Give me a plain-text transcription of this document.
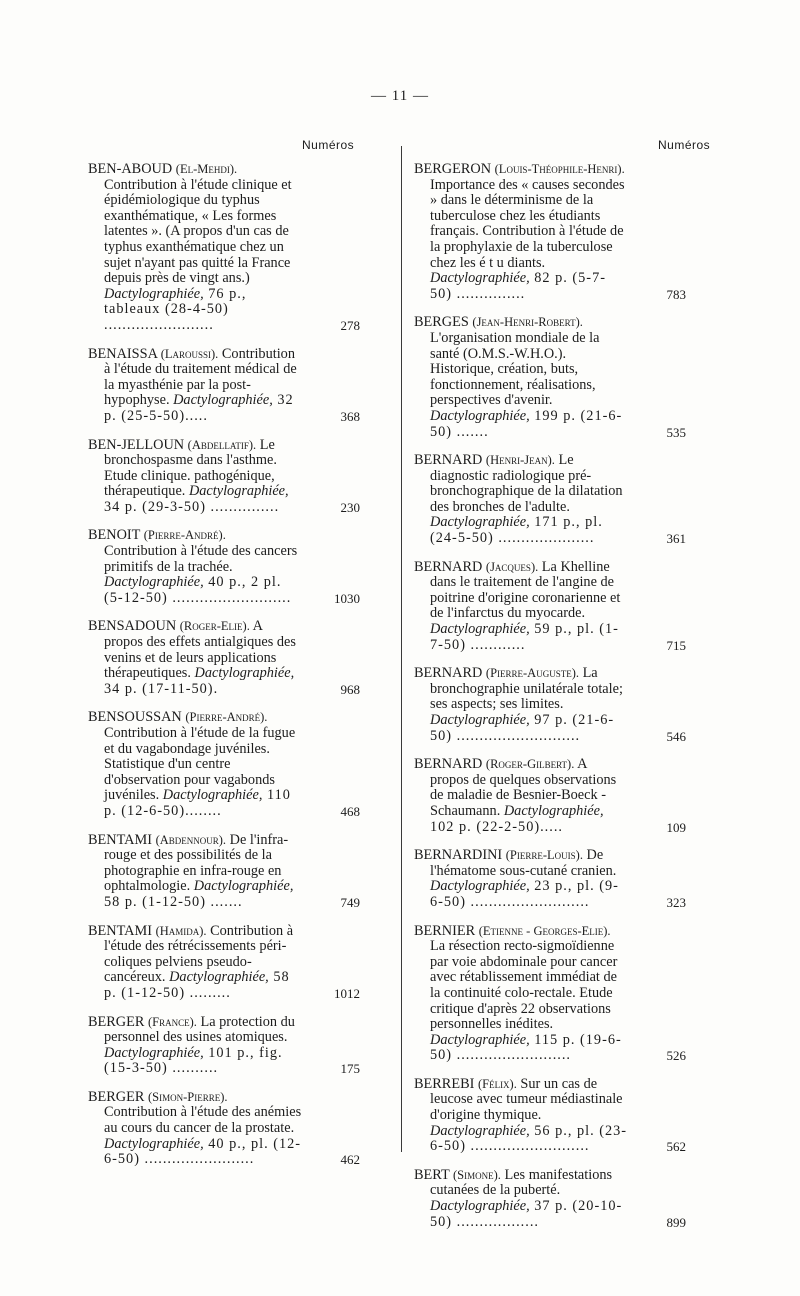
— 11 —
Numéros	Numéros
BEN-ABOUD (El-Mehdi). Contribution à l'étude clinique et épidémiologique du typhus exanthématique, « Les formes latentes ». (A propos d'un cas de typhus exanthématique chez un sujet n'ayant pas quitté la France depuis près de vingt ans.) Dactylographiée, 76 p., tableaux (28-4-50) ........................	278
BENAISSA (Laroussi). Contribution à l'étude du traitement médical de la myasthénie par la post-hypophyse. Dactylographiée, 32 p. (25-5-50).....	368
BEN-JELLOUN (Abdellatif). Le bronchospasme dans l'asthme. Etude clinique. pathogénique, thérapeutique. Dactylographiée, 34 p. (29-3-50) ...............	230
BENOIT (Pierre-André). Contribution à l'étude des cancers primitifs de la trachée. Dactylographiée, 40 p., 2 pl. (5-12-50) ..........................	1030
BENSADOUN (Roger-Elie). A propos des effets antialgiques des venins et de leurs applications thérapeutiques. Dactylographiée, 34 p. (17-11-50).	968
BENSOUSSAN (Pierre-André). Contribution à l'étude de la fugue et du vagabondage juvéniles. Statistique d'un centre d'observation pour vagabonds juvéniles. Dactylographiée, 110 p. (12-6-50)........	468
BENTAMI (Abdennour). De l'infra-rouge et des possibilités de la photographie en infra-rouge en ophtalmologie. Dactylographiée, 58 p. (1-12-50) .......	749
BENTAMI (Hamida). Contribution à l'étude des rétrécissements péri-coliques pelviens pseudo-cancéreux. Dactylographiée, 58 p. (1-12-50) .........	1012
BERGER (France). La protection du personnel des usines atomiques. Dactylographiée, 101 p., fig. (15-3-50) ..........	175
BERGER (Simon-Pierre). Contribution à l'étude des anémies au cours du cancer de la prostate. Dactylographiée, 40 p., pl. (12-6-50) ........................	462
BERGERON (Louis-Théophile-Henri). Importance des « causes secondes » dans le déterminisme de la tuberculose chez les étudiants français. Contribution à l'étude de la prophylaxie de la tuberculose chez les é t u diants. Dactylographiée, 82 p. (5-7-50) ...............	783
BERGES (Jean-Henri-Robert). L'organisation mondiale de la santé (O.M.S.-W.H.O.). Historique, création, buts, fonctionnement, réalisations, perspectives d'avenir. Dactylographiée, 199 p. (21-6-50) .......	535
BERNARD (Henri-Jean). Le diagnostic radiologique pré-bronchographique de la dilatation des bronches de l'adulte. Dactylographiée, 171 p., pl. (24-5-50) .....................	361
BERNARD (Jacques). La Khelline dans le traitement de l'angine de poitrine d'origine coronarienne et de l'infarctus du myocarde. Dactylographiée, 59 p., pl. (1-7-50) ............	715
BERNARD (Pierre-Auguste). La bronchographie unilatérale totale; ses aspects; ses limites. Dactylographiée, 97 p. (21-6-50) ...........................	546
BERNARD (Roger-Gilbert). A propos de quelques observations de maladie de Besnier-Boeck - Schaumann. Dactylographiée, 102 p. (22-2-50).....	109
BERNARDINI (Pierre-Louis). De l'hématome sous-cutané cranien. Dactylographiée, 23 p., pl. (9-6-50) ..........................	323
BERNIER (Etienne - Georges-Elie). La résection recto-sigmoïdienne par voie abdominale pour cancer avec rétablissement immédiat de la continuité colo-rectale. Etude critique d'après 22 observations personnelles inédites. Dactylographiée, 115 p. (19-6-50) .........................	526
BERREBI (Félix). Sur un cas de leucose avec tumeur médiastinale d'origine thymique. Dactylographiée, 56 p., pl. (23-6-50) ..........................	562
BERT (Simone). Les manifestations cutanées de la puberté. Dactylographiée, 37 p. (20-10-50) ..................	899
